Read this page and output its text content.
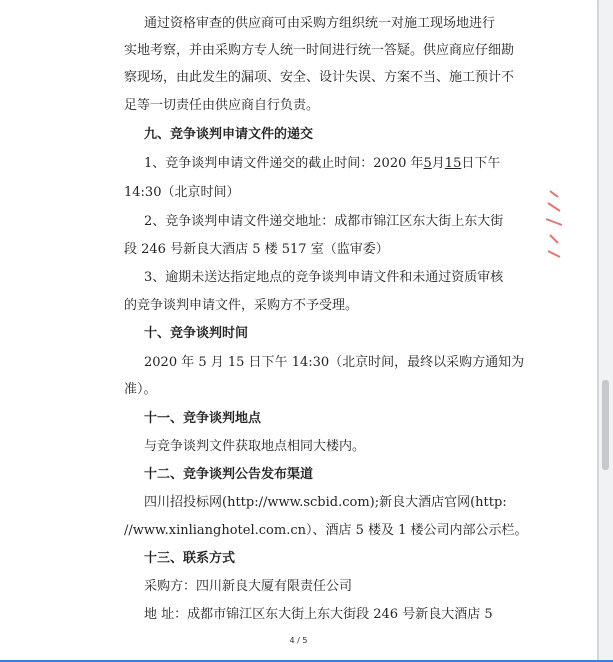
通过资格审查的供应商可由采购方组织统一对施工现场地进行
实地考察，并由采购方专人统一时间进行统一答疑。供应商应仔细勘
察现场，由此发生的漏项、安全、设计失误、方案不当、施工预计不
足等一切责任由供应商自行负责。
九、竞争谈判申请文件的递交
1、竞争谈判申请文件递交的截止时间：2020 年5月15日下午
14:30（北京时间）
2、竞争谈判申请文件递交地址：成都市锦江区东大街上东大街
段 246 号新良大酒店 5 楼 517 室（监审委）
3、逾期未送达指定地点的竞争谈判申请文件和未通过资质审核
的竞争谈判申请文件，采购方不予受理。
十、竞争谈判时间
2020 年 5 月 15 日下午 14:30（北京时间，最终以采购方通知为
准）。
十一、竞争谈判地点
与竞争谈判文件获取地点相同大楼内。
十二、竞争谈判公告发布渠道
四川招投标网(http://www.scbid.com);新良大酒店官网(http:
//www.xinlianghotel.com.cn）、酒店 5 楼及 1 楼公司内部公示栏。
十三、联系方式
采购方：四川新良大厦有限责任公司
地 址：成都市锦江区东大街上东大街段 246 号新良大酒店 5
4 / 5
